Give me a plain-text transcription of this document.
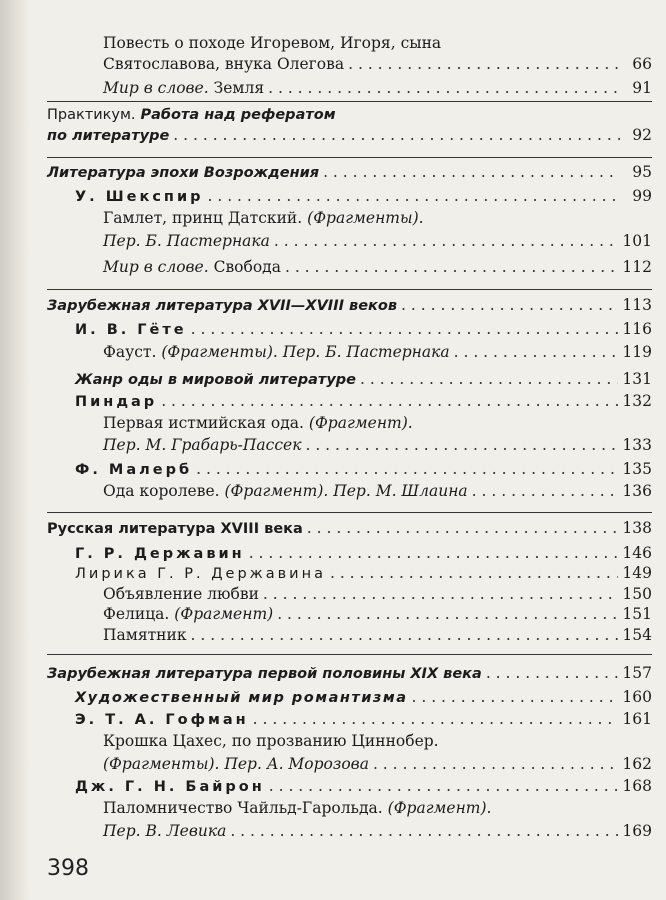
Повесть о походе Игоревом, Игоря, сына
Святославова, внука Олегова . . .	66
Мир в слове. Земля . . .	91
Практикум. Работа над рефератом
по литературе . . .	92
Литература эпохи Возрождения . . .	95
У. Шекспир . . .	99
Гамлет, принц Датский. (Фрагменты).
Пер. Б. Пастернака . . .	101
Мир в слове. Свобода . . .	112
Зарубежная литература XVII—XVIII веков . . .	113
И. В. Гёте . . .	116
Фауст. (Фрагменты). Пер. Б. Пастернака . . .	119
Жанр оды в мировой литературе . . .	131
Пиндар . . .	132
Первая истмийская ода. (Фрагмент).
Пер. М. Грабарь-Пассек . . .	133
Ф. Малерб . . .	135
Ода королеве. (Фрагмент). Пер. М. Шлаина . . .	136
Русская литература XVIII века . . .	138
Г. Р. Державин . . .	146
Лирика Г. Р. Державина . . .	149
Объявление любви . . .	150
Фелица. (Фрагмент) . . .	151
Памятник . . .	154
Зарубежная литература первой половины XIX века . . .	157
Художественный мир романтизма . . .	160
Э. Т. А. Гофман . . .	161
Крошка Цахес, по прозванию Циннобер.
(Фрагменты). Пер. А. Морозова . . .	162
Дж. Г. Н. Байрон . . .	168
Паломничество Чайльд-Гарольда. (Фрагмент).
Пер. В. Левика . . .	169
398
